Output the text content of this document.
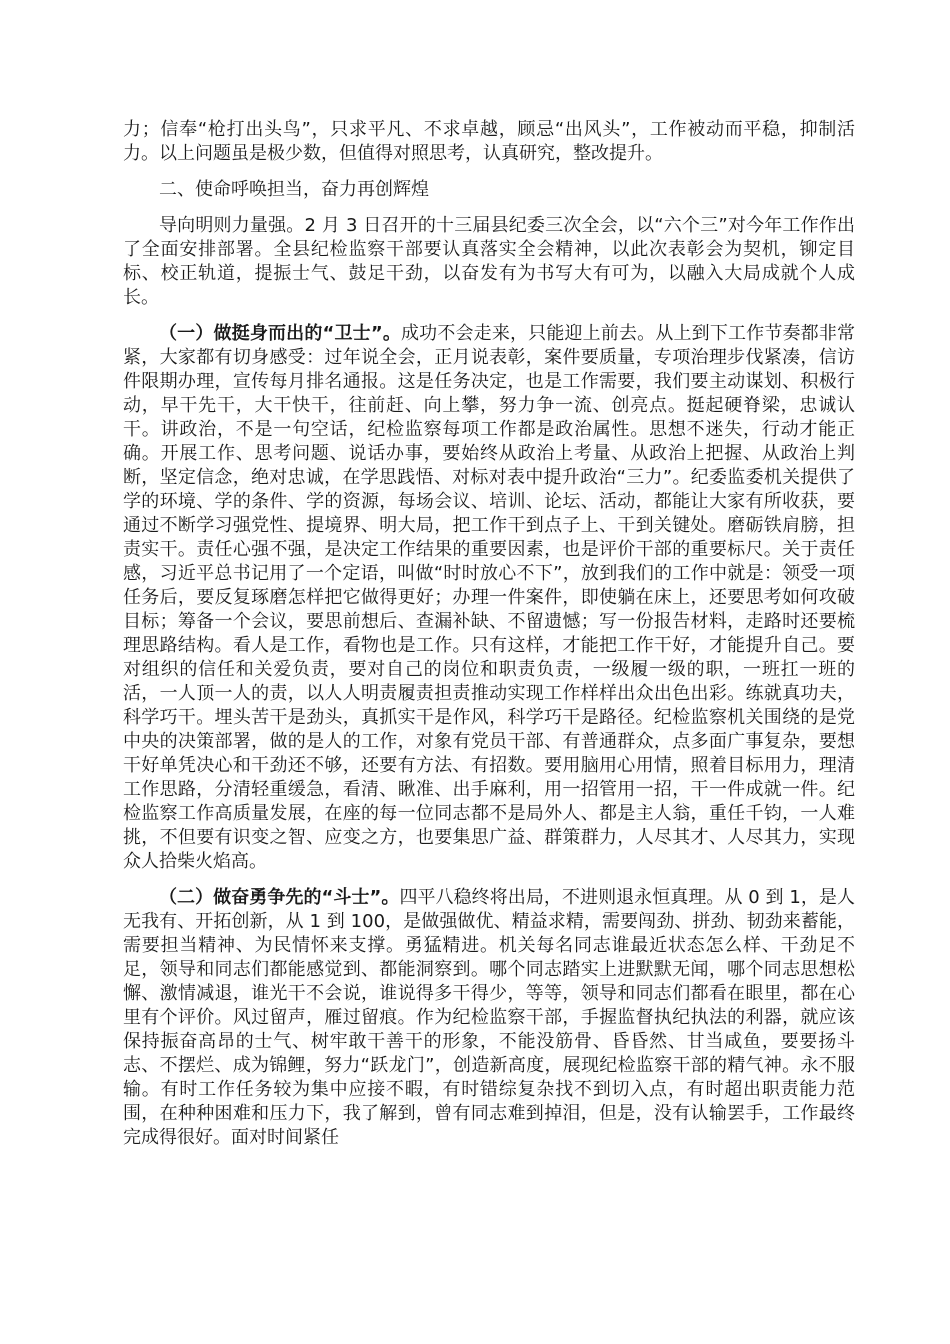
力；信奉“枪打出头鸟”，只求平凡、不求卓越，顾忌“出风头”，工作被动而平稳，抑制活力。以上问题虽是极少数，但值得对照思考，认真研究，整改提升。

二、使命呼唤担当，奋力再创辉煌

导向明则力量强。2 月 3 日召开的十三届县纪委三次全会，以“六个三”对今年工作作出了全面安排部署。全县纪检监察干部要认真落实全会精神，以此次表彰会为契机，铆定目标、校正轨道，提振士气、鼓足干劲，以奋发有为书写大有可为，以融入大局成就个人成长。

（一）做挺身而出的“卫士”。成功不会走来，只能迎上前去。从上到下工作节奏都非常紧，大家都有切身感受：过年说全会，正月说表彰，案件要质量，专项治理步伐紧凑，信访件限期办理，宣传每月排名通报。这是任务决定，也是工作需要，我们要主动谋划、积极行动，早干先干，大干快干，往前赶、向上攀，努力争一流、创亮点。挺起硬脊梁，忠诚认干。讲政治，不是一句空话，纪检监察每项工作都是政治属性。思想不迷失，行动才能正确。开展工作、思考问题、说话办事，要始终从政治上考量、从政治上把握、从政治上判断，坚定信念，绝对忠诚，在学思践悟、对标对表中提升政治“三力”。纪委监委机关提供了学的环境、学的条件、学的资源，每场会议、培训、论坛、活动，都能让大家有所收获，要通过不断学习强党性、提境界、明大局，把工作干到点子上、干到关键处。磨砺铁肩膀，担责实干。责任心强不强，是决定工作结果的重要因素，也是评价干部的重要标尺。关于责任感，习近平总书记用了一个定语，叫做“时时放心不下”，放到我们的工作中就是：领受一项任务后，要反复琢磨怎样把它做得更好；办理一件案件，即使躺在床上，还要思考如何攻破目标；筹备一个会议，要思前想后、查漏补缺、不留遗憾；写一份报告材料，走路时还要梳理思路结构。看人是工作，看物也是工作。只有这样，才能把工作干好，才能提升自己。要对组织的信任和关爱负责，要对自己的岗位和职责负责，一级履一级的职，一班扛一班的活，一人顶一人的责，以人人明责履责担责推动实现工作样样出众出色出彩。练就真功夫，科学巧干。埋头苦干是劲头，真抓实干是作风，科学巧干是路径。纪检监察机关围绕的是党中央的决策部署，做的是人的工作，对象有党员干部、有普通群众，点多面广事复杂，要想干好单凭决心和干劲还不够，还要有方法、有招数。要用脑用心用情，照着目标用力，理清工作思路，分清轻重缓急，看清、瞅准、出手麻利，用一招管用一招，干一件成就一件。纪检监察工作高质量发展，在座的每一位同志都不是局外人、都是主人翁，重任千钧，一人难挑，不但要有识变之智、应变之方，也要集思广益、群策群力，人尽其才、人尽其力，实现众人拾柴火焰高。

（二）做奋勇争先的“斗士”。四平八稳终将出局，不进则退永恒真理。从 0 到 1，是人无我有、开拓创新，从 1 到 100，是做强做优、精益求精，需要闯劲、拼劲、韧劲来蓄能，需要担当精神、为民情怀来支撑。勇猛精进。机关每名同志谁最近状态怎么样、干劲足不足，领导和同志们都能感觉到、都能洞察到。哪个同志踏实上进默默无闻，哪个同志思想松懈、激情减退，谁光干不会说，谁说得多干得少，等等，领导和同志们都看在眼里，都在心里有个评价。风过留声，雁过留痕。作为纪检监察干部，手握监督执纪执法的利器，就应该保持振奋高昂的士气、树牢敢干善干的形象，不能没筋骨、昏昏然、甘当咸鱼，要要扬斗志、不摆烂、成为锦鲤，努力“跃龙门”，创造新高度，展现纪检监察干部的精气神。永不服输。有时工作任务较为集中应接不暇，有时错综复杂找不到切入点，有时超出职责能力范围，在种种困难和压力下，我了解到，曾有同志难到掉泪，但是，没有认输罢手，工作最终完成得很好。面对时间紧任
